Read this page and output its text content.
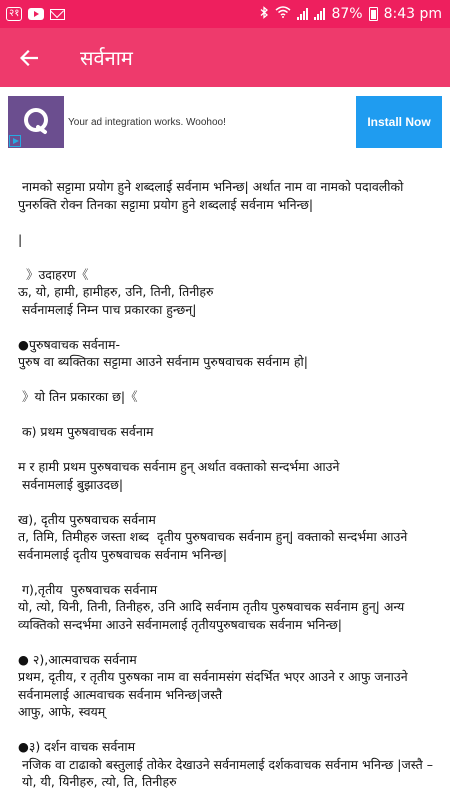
२१	87% 8:43 pm
सर्वनाम
Your ad integration works. Woohoo!	Install Now
नामको सट्टामा प्रयोग हुने शब्दलाई सर्वनाम भनिन्छ| अर्थात नाम वा नामको पदावलीको पुनरुक्ति रोक्न तिनका सट्टामा प्रयोग हुने शब्दलाई सर्वनाम भनिन्छ|
|
》उदाहरण《
ऊ, यो, हामी, हामीहरु, उनि, तिनी, तिनीहरु
सर्वनामलाई निम्न पाच प्रकारका हुन्छन्|
●पुरुषवाचक सर्वनाम-
पुरुष वा ब्यक्तिका सट्टामा आउने सर्वनाम पुरुषवाचक सर्वनाम हो|
》यो तिन प्रकारका छ|《
क) प्रथम पुरुषवाचक सर्वनाम
म र हामी प्रथम पुरुषवाचक सर्वनाम हुन् अर्थात वक्ताको सन्दर्भमा आउने
सर्वनामलाई बुझाउदछ|
ख), दृतीय पुरुषवाचक सर्वनाम
त, तिमि, तिमीहरु जस्ता शब्द  दृतीय पुरुषवाचक सर्वनाम हुन्| वक्ताको सन्दर्भमा आउने सर्वनामलाई दृतीय पुरुषवाचक सर्वनाम भनिन्छ|
ग),तृतीय  पुरुषवाचक सर्वनाम
यो, त्यो, यिनी, तिनी, तिनीहरु, उनि आदि सर्वनाम तृतीय पुरुषवाचक सर्वनाम हुन्| अन्य व्यक्तिको सन्दर्भमा आउने सर्वनामलाई तृतीयपुरुषवाचक सर्वनाम भनिन्छ|
● २),आत्मवाचक सर्वनाम
प्रथम, दृतीय, र तृतीय पुरुषका नाम वा सर्वनामसंग संदर्भित भएर आउने र आफु जनाउने सर्वनामलाई आत्मवाचक सर्वनाम भनिन्छ|जस्तै
आफु, आफे, स्वयम्
●३) दर्शन वाचक सर्वनाम
नजिक वा टाढाको बस्तुलाई तोकेर देखाउने सर्वनामलाई दर्शकवाचक सर्वनाम भनिन्छ |जस्तै –
यो, यी, यिनीहरु, त्यो, ति, तिनीहरु
